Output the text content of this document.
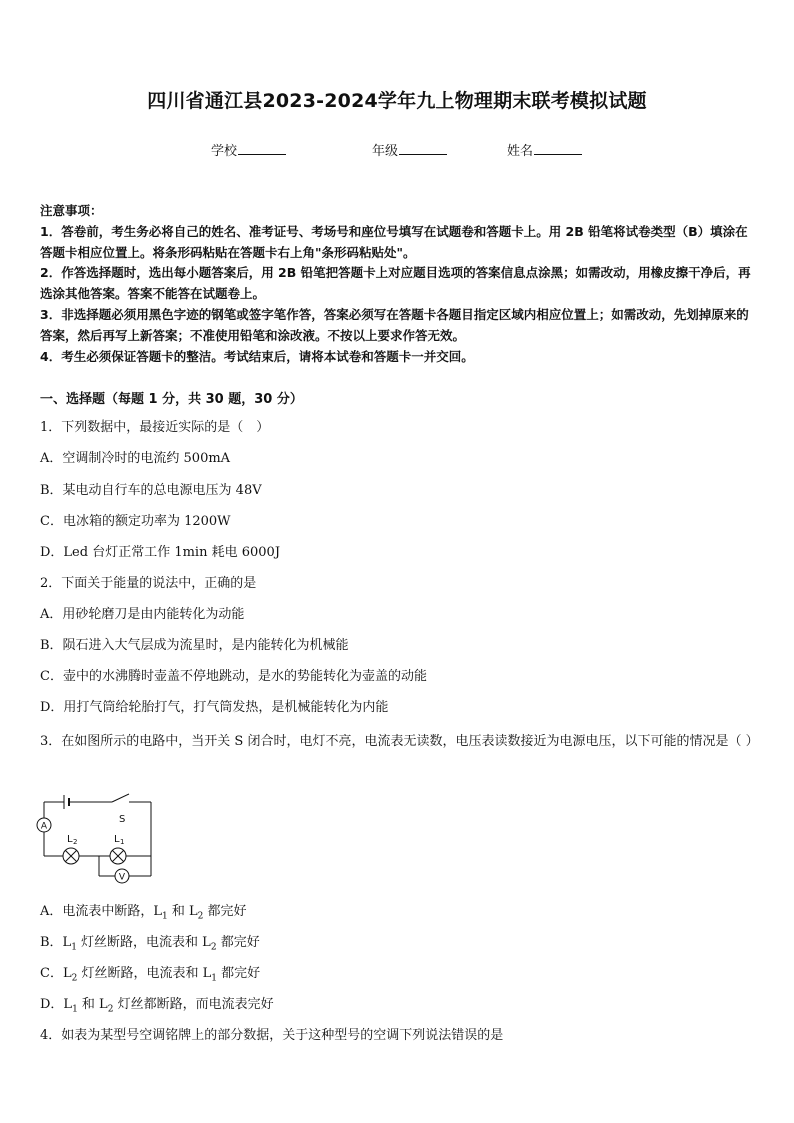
四川省通江县2023-2024学年九上物理期末联考模拟试题
学校	年级	姓名

注意事项：

1．答卷前，考生务必将自己的姓名、准考证号、考场号和座位号填写在试题卷和答题卡上。用 2B 铅笔将试卷类型（B）填涂在答题卡相应位置上。将条形码粘贴在答题卡右上角"条形码粘贴处"。

2．作答选择题时，选出每小题答案后，用 2B 铅笔把答题卡上对应题目选项的答案信息点涂黑；如需改动，用橡皮擦干净后，再选涂其他答案。答案不能答在试题卷上。

3．非选择题必须用黑色字迹的钢笔或签字笔作答，答案必须写在答题卡各题目指定区域内相应位置上；如需改动，先划掉原来的答案，然后再写上新答案；不准使用铅笔和涂改液。不按以上要求作答无效。

4．考生必须保证答题卡的整洁。考试结束后，请将本试卷和答题卡一并交回。

一、选择题（每题 1 分，共 30 题，30 分）
1．下列数据中，最接近实际的是（　）
A．空调制冷时的电流约 500mA
B．某电动自行车的总电源电压为 48V
C．电冰箱的额定功率为 1200W
D．Led 台灯正常工作 1min 耗电 6000J
2．下面关于能量的说法中，正确的是
A．用砂轮磨刀是由内能转化为动能
B．陨石进入大气层成为流星时，是内能转化为机械能
C．壶中的水沸腾时壶盖不停地跳动，是水的势能转化为壶盖的动能
D．用打气筒给轮胎打气，打气筒发热，是机械能转化为内能
3．在如图所示的电路中，当开关 S 闭合时，电灯不亮，电流表无读数，电压表读数接近为电源电压，以下可能的情况是（ ）
A
V
S
L 2	L 1
A．电流表中断路，$L_1$ 和 $L_2$ 都完好
B．$L_1$ 灯丝断路，电流表和 $L_2$ 都完好
C．$L_2$ 灯丝断路，电流表和 $L_1$ 都完好
D．$L_1$ 和 $L_2$ 灯丝都断路，而电流表完好
4．如表为某型号空调铭牌上的部分数据，关于这种型号的空调下列说法错误的是
